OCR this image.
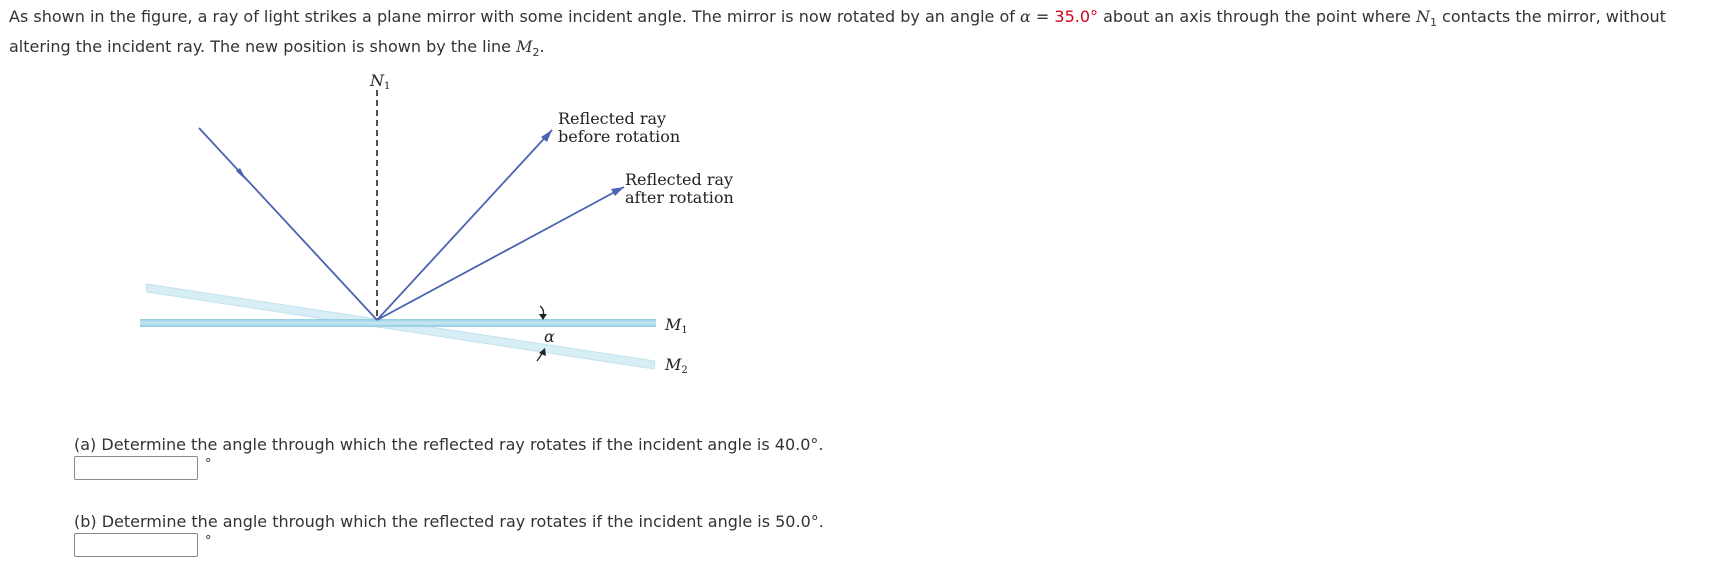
As shown in the figure, a ray of light strikes a plane mirror with some incident angle. The mirror is now rotated by an angle of α = 35.0° about an axis through the point where $N_1$ contacts the mirror, without altering the incident ray. The new position is shown by the line $M_2$.
N1
Reflected ray
before rotation
Reflected ray
after rotation
α
M1
M2
(a) Determine the angle through which the reflected ray rotates if the incident angle is 40.0°.
°
(b) Determine the angle through which the reflected ray rotates if the incident angle is 50.0°.
°
